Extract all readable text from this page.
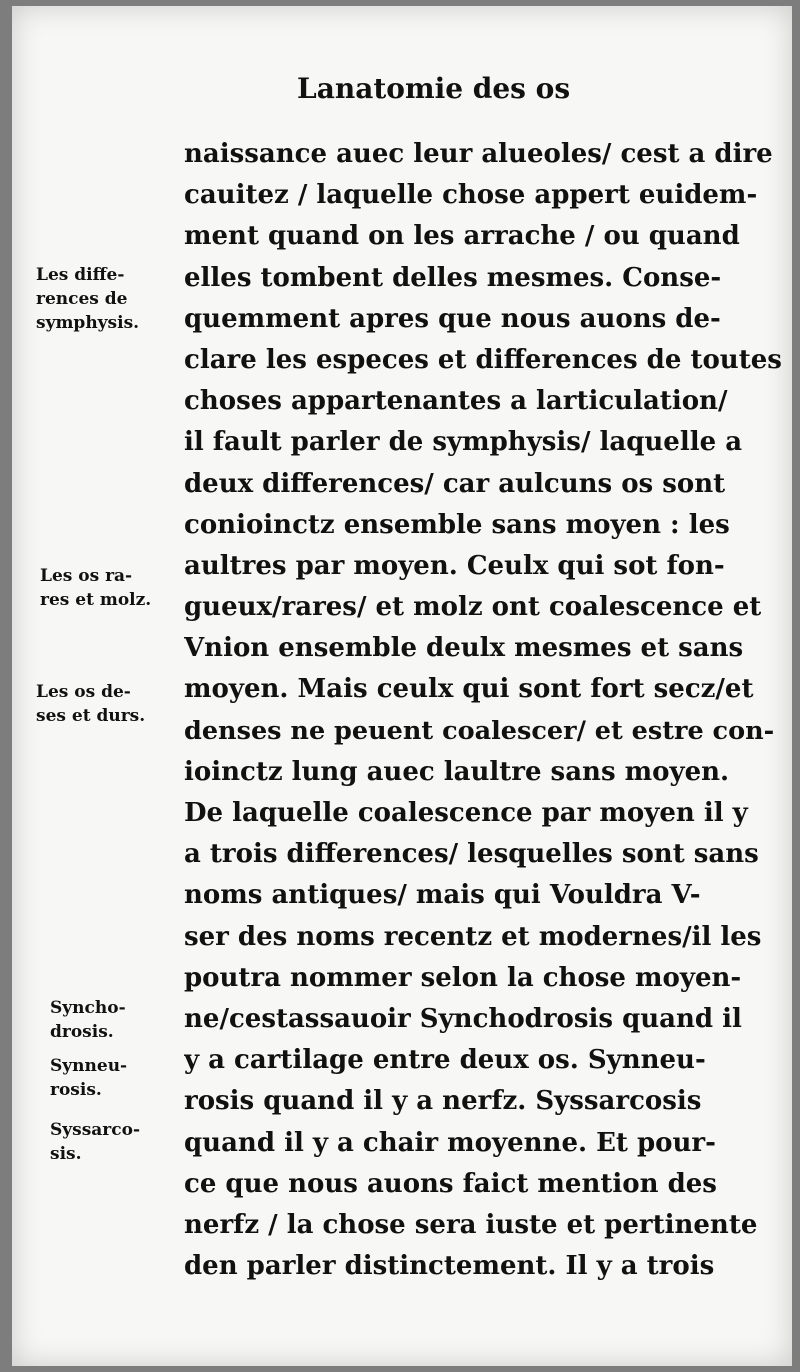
Lanatomie des os
Les diffe-
rences de
symphysis.
Les os ra-
res et molz.
Les os de-
ses et durs.
Syncho-
drosis.
Synneu-
rosis.
Syssarco-
sis.
naissance auec leur alueoles/ cest a dire
cauitez / laquelle chose appert euidem-
ment quand on les arrache / ou quand
elles tombent delles mesmes. Conse-
quemment apres que nous auons de-
clare les especes et differences de toutes
choses appartenantes a larticulation/
il fault parler de symphysis/ laquelle a
deux differences/ car aulcuns os sont
conioinctz ensemble sans moyen : les
aultres par moyen. Ceulx qui sot fon-
gueux/rares/ et molz ont coalescence et
Vnion ensemble deulx mesmes et sans
moyen. Mais ceulx qui sont fort secz/et
denses ne peuent coalescer/ et estre con-
ioinctz lung auec laultre sans moyen.
De laquelle coalescence par moyen il y
a trois differences/ lesquelles sont sans
noms antiques/ mais qui Vouldra V-
ser des noms recentz et modernes/il les
poutra nommer selon la chose moyen-
ne/cestassauoir Synchodrosis quand il
y a cartilage entre deux os. Synneu-
rosis quand il y a nerfz. Syssarcosis
quand il y a chair moyenne. Et pour-
ce que nous auons faict mention des
nerfz / la chose sera iuste et pertinente
den parler distinctement. Il y a trois
